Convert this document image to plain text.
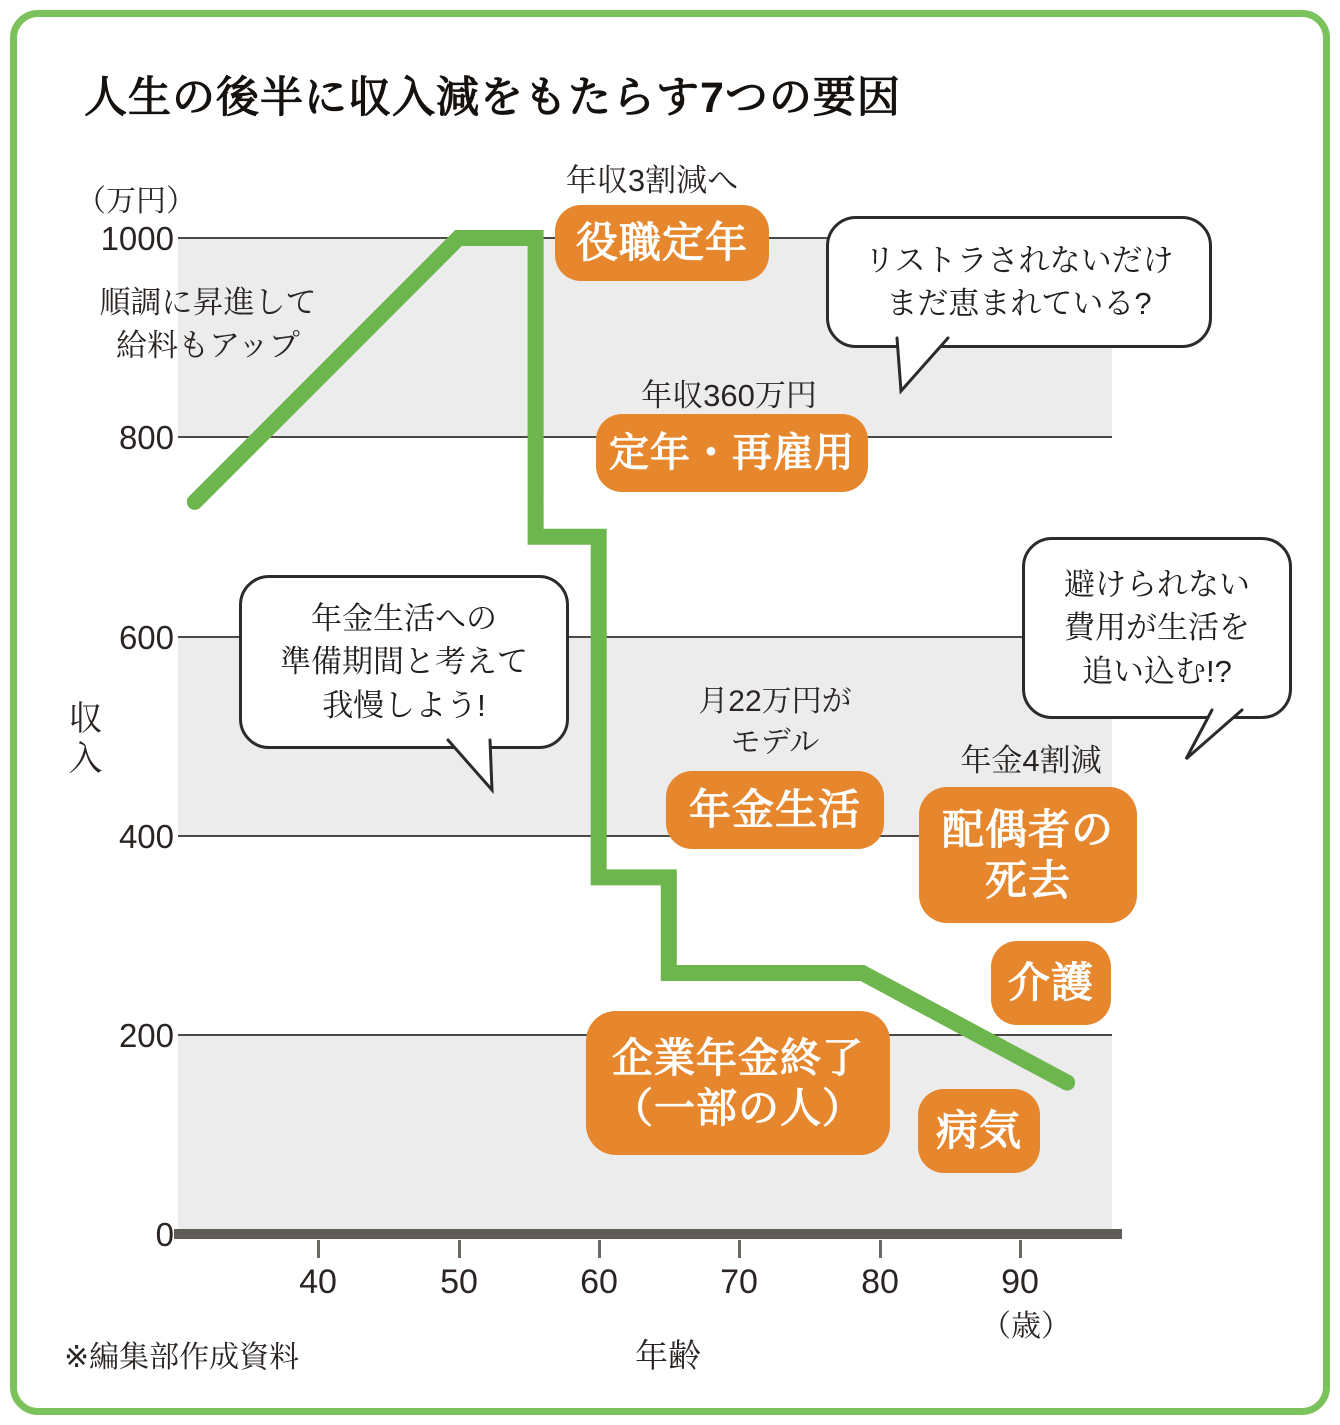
人生の後半に収入減をもたらす7つの要因
1000
800
600
400
200
0
（万円）
収入
40	50	60	70	80	90
（歳）
年齢
※編集部作成資料
順調に昇進して
給料もアップ
年収3割減へ
年収360万円
月22万円が
モデル
年金4割減
役職定年
定年・再雇用
年金生活 配偶者の
死去
介護
企業年金終了
（一部の人） 病気
リストラされないだけ
まだ恵まれている?
年金生活への
準備期間と考えて
我慢しよう!
避けられない
費用が生活を
追い込む!?
